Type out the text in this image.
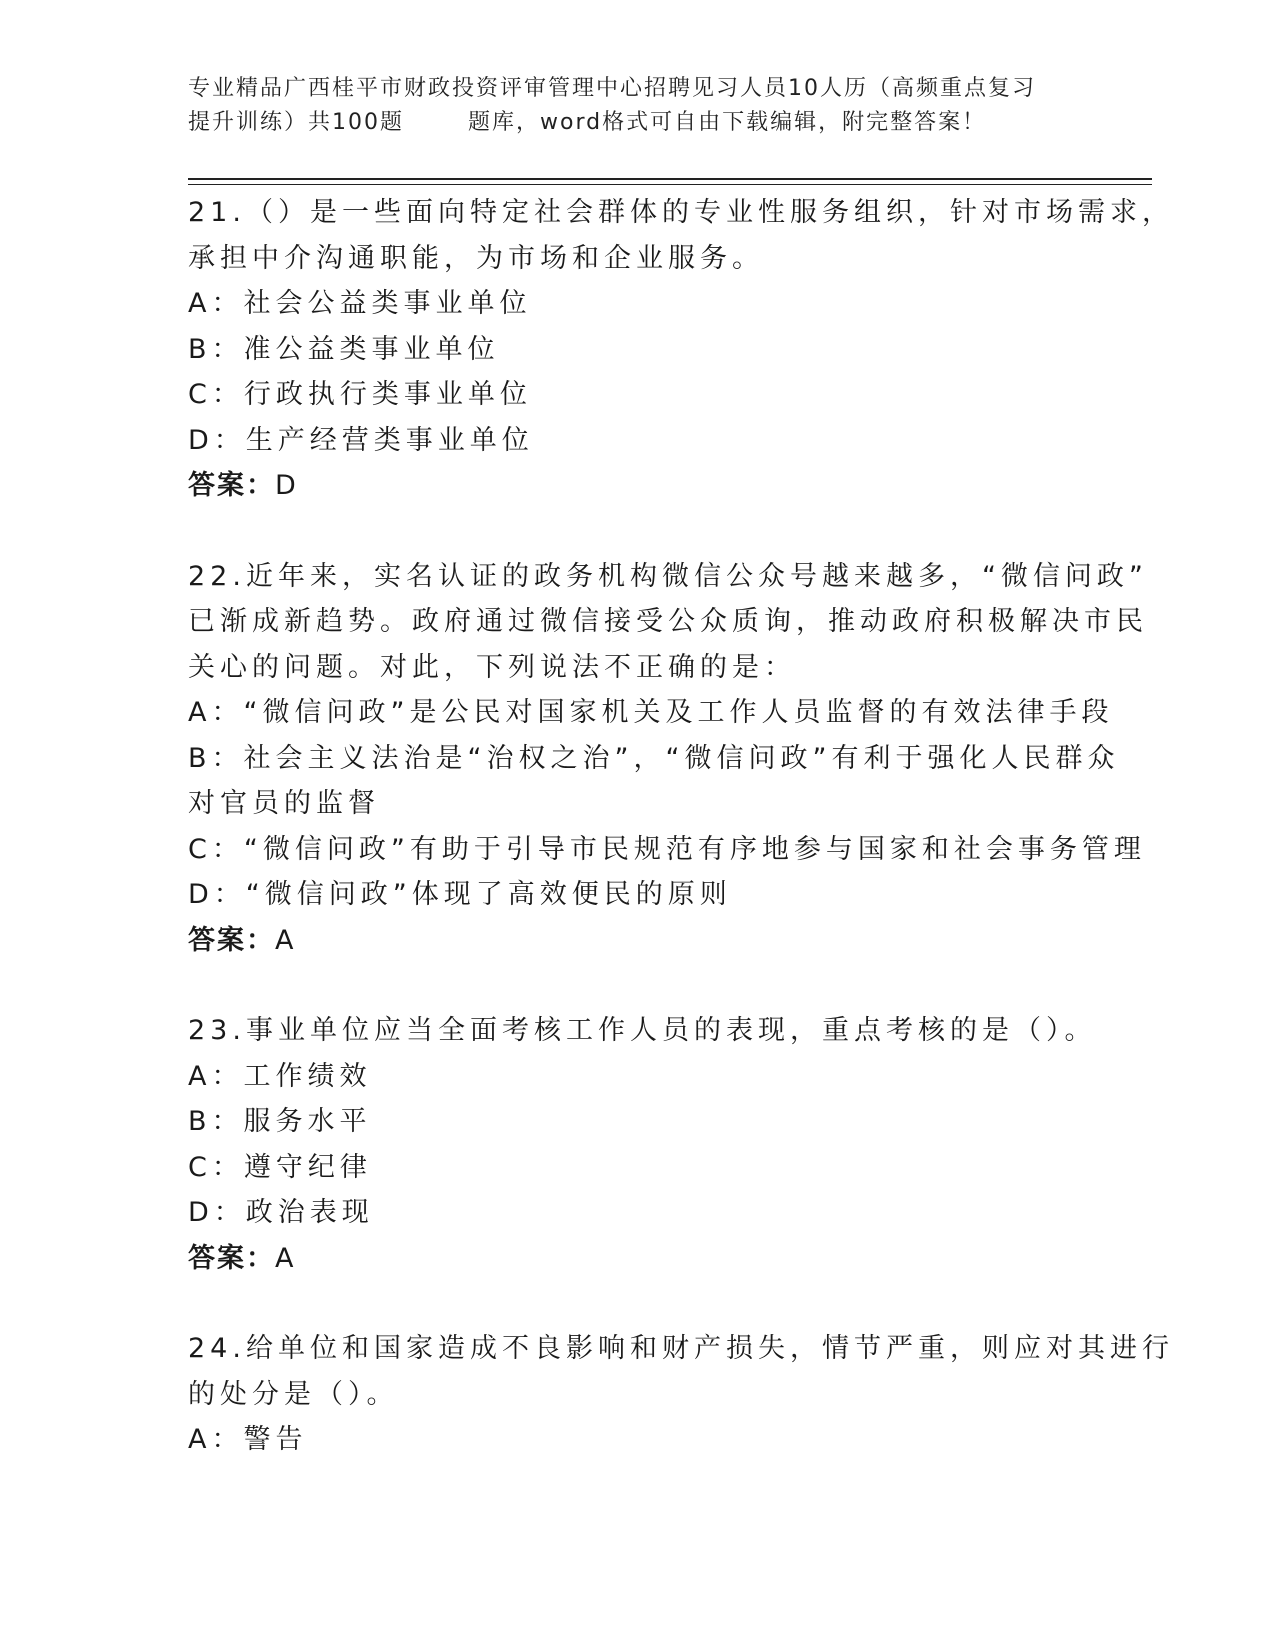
专业精品广西桂平市财政投资评审管理中心招聘见习人员10人历（高频重点复习
提升训练）共100题	题库，word格式可自由下载编辑，附完整答案！
21.（）是一些面向特定社会群体的专业性服务组织，针对市场需求，
承担中介沟通职能，为市场和企业服务。
A：社会公益类事业单位
B：准公益类事业单位
C：行政执行类事业单位
D：生产经营类事业单位
答案：D
22.近年来，实名认证的政务机构微信公众号越来越多，“微信问政”
已渐成新趋势。政府通过微信接受公众质询，推动政府积极解决市民
关心的问题。对此，下列说法不正确的是：
A：“微信问政”是公民对国家机关及工作人员监督的有效法律手段
B：社会主义法治是“治权之治”，“微信问政”有利于强化人民群众
对官员的监督
C：“微信问政”有助于引导市民规范有序地参与国家和社会事务管理
D：“微信问政”体现了高效便民的原则
答案：A
23.事业单位应当全面考核工作人员的表现，重点考核的是（）。
A：工作绩效
B：服务水平
C：遵守纪律
D：政治表现
答案：A
24.给单位和国家造成不良影响和财产损失，情节严重，则应对其进行
的处分是（）。
A：警告
